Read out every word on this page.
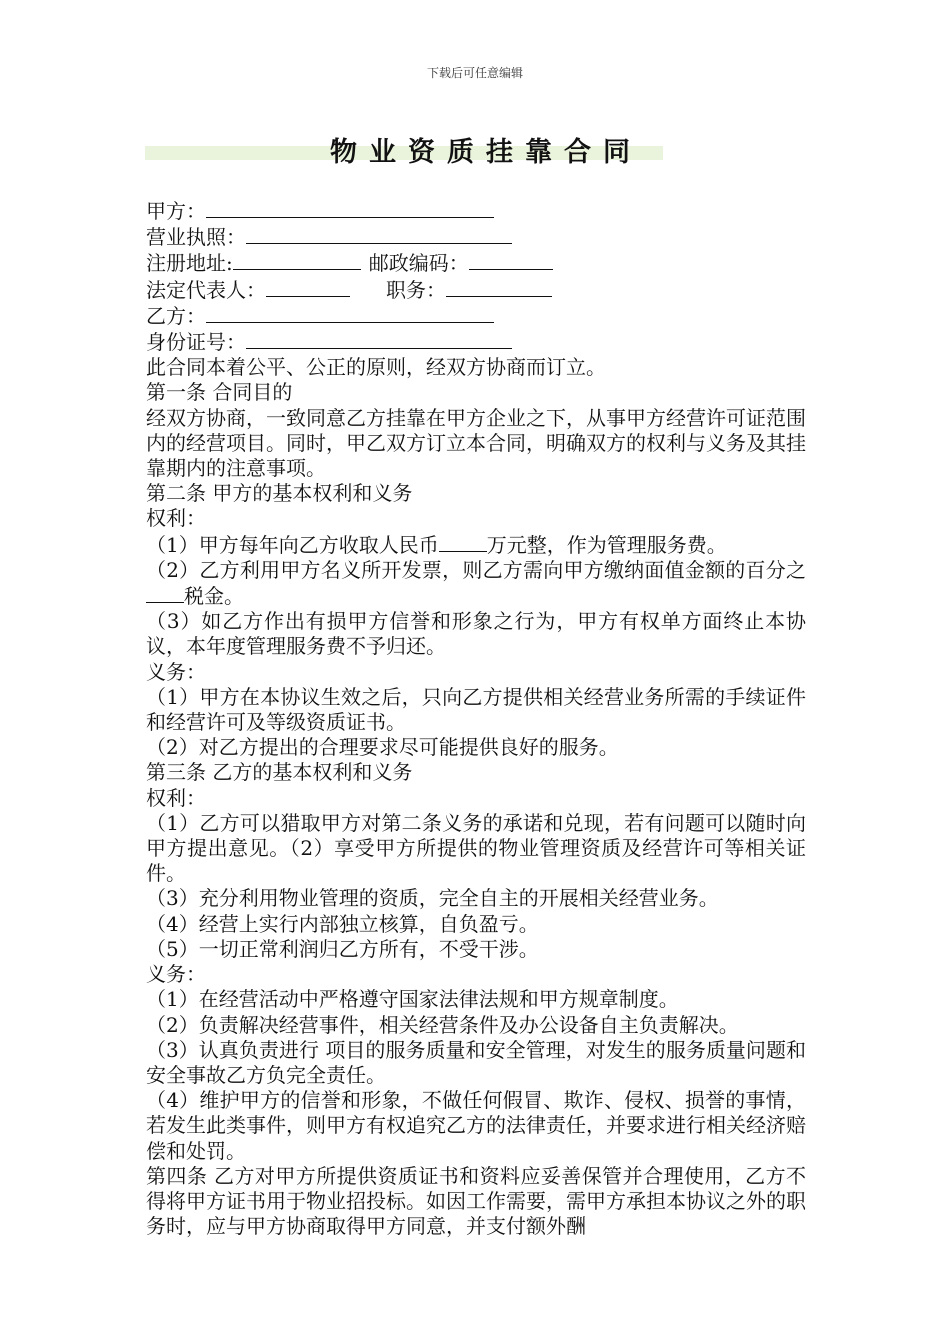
下载后可任意编辑
物业资质挂靠合同
甲方：
营业执照：
注册地址:	邮政编码：
法定代表人：	职务：
乙方：
身份证号：
此合同本着公平、公正的原则，经双方协商而订立。
第一条 合同目的
经双方协商，一致同意乙方挂靠在甲方企业之下，从事甲方经营许可证范围内的经营项目。同时，甲乙双方订立本合同，明确双方的权利与义务及其挂靠期内的注意事项。
第二条 甲方的基本权利和义务
权利：
（1）甲方每年向乙方收取人民币 万元整，作为管理服务费。
（2）乙方利用甲方名义所开发票，则乙方需向甲方缴纳面值金额的百分之税金。
（3）如乙方作出有损甲方信誉和形象之行为，甲方有权单方面终止本协议，本年度管理服务费不予归还。
义务：
（1）甲方在本协议生效之后，只向乙方提供相关经营业务所需的手续证件和经营许可及等级资质证书。
（2）对乙方提出的合理要求尽可能提供良好的服务。
第三条 乙方的基本权利和义务
权利：
（1）乙方可以猎取甲方对第二条义务的承诺和兑现，若有问题可以随时向甲方提出意见。（2）享受甲方所提供的物业管理资质及经营许可等相关证件。
（3）充分利用物业管理的资质，完全自主的开展相关经营业务。
（4）经营上实行内部独立核算，自负盈亏。
（5）一切正常利润归乙方所有，不受干涉。
义务：
（1）在经营活动中严格遵守国家法律法规和甲方规章制度。
（2）负责解决经营事件，相关经营条件及办公设备自主负责解决。
（3）认真负责进行 项目的服务质量和安全管理，对发生的服务质量问题和安全事故乙方负完全责任。
（4）维护甲方的信誉和形象，不做任何假冒、欺诈、侵权、损誉的事情，若发生此类事件，则甲方有权追究乙方的法律责任，并要求进行相关经济赔偿和处罚。
第四条 乙方对甲方所提供资质证书和资料应妥善保管并合理使用，乙方不得将甲方证书用于物业招投标。如因工作需要，需甲方承担本协议之外的职务时，应与甲方协商取得甲方同意，并支付额外酬
